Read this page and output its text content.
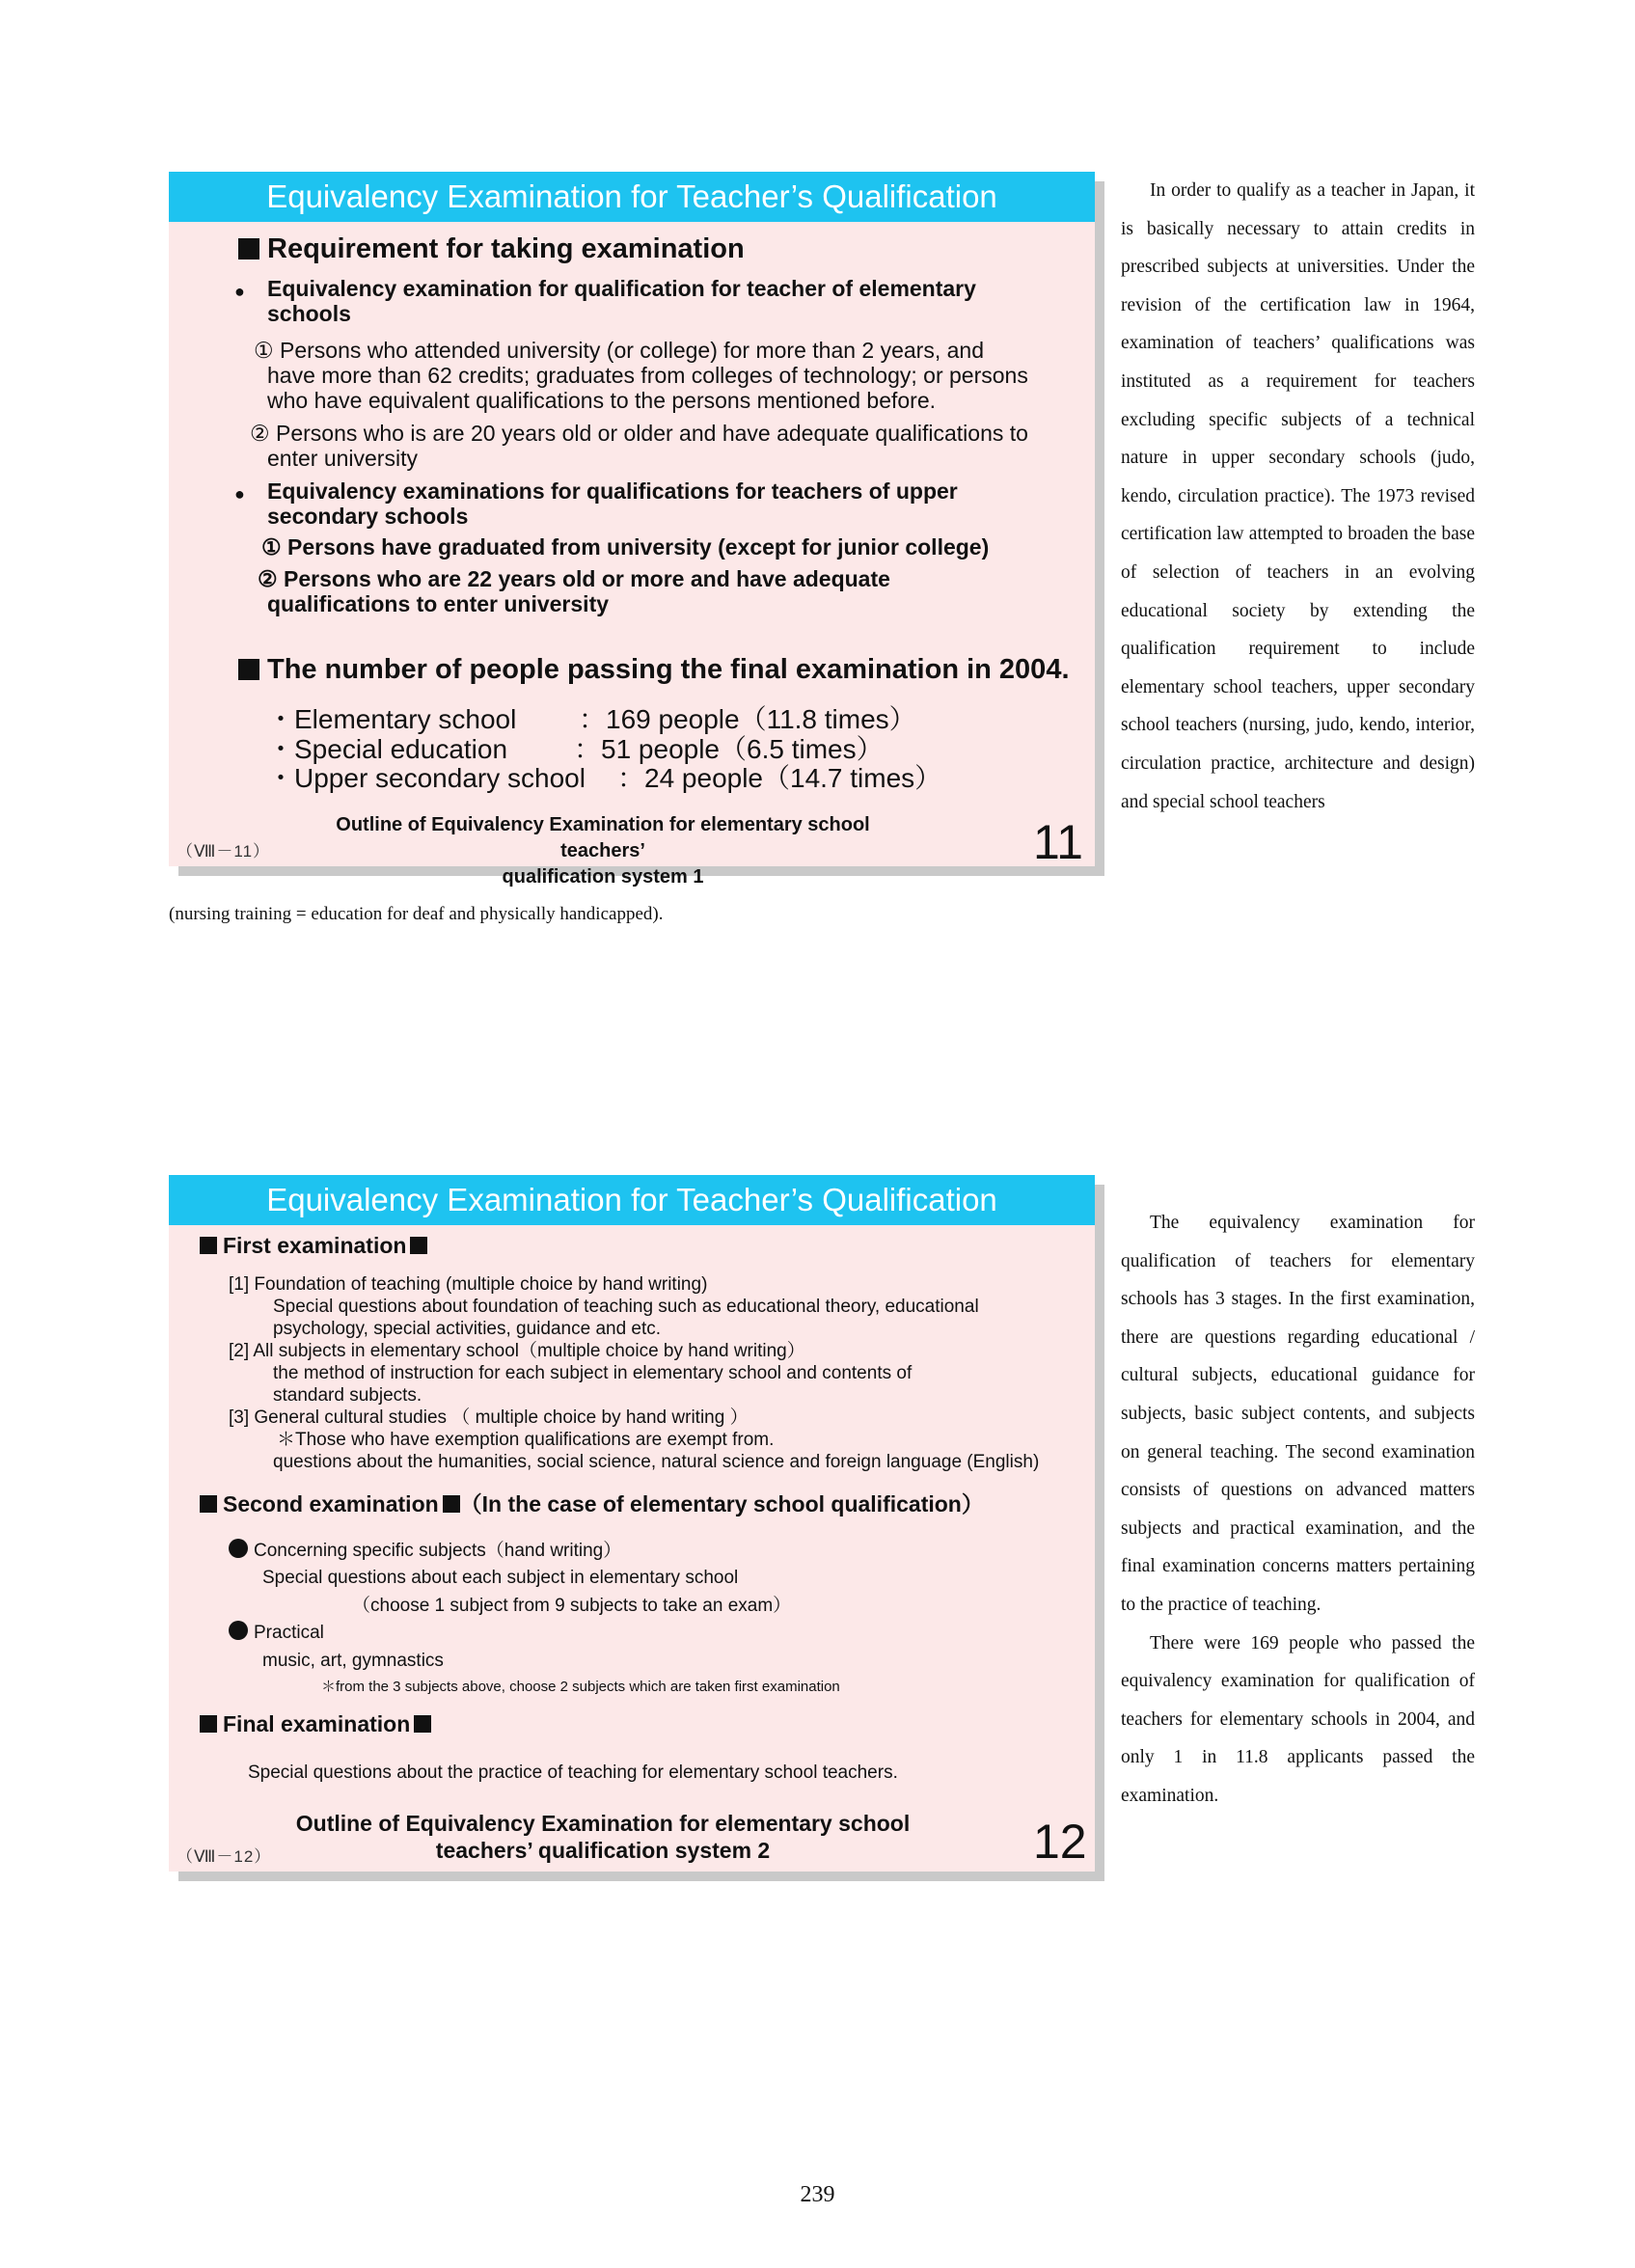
Equivalency Examination for Teacher’s Qualification
Requirement for taking examination
● Equivalency examination for qualification for teacher of elementary
schools
① Persons who attended university (or college) for more than 2 years, and
have more than 62 credits; graduates from colleges of technology; or persons
who have equivalent qualifications to the persons mentioned before.
② Persons who is are 20 years old or older and have adequate qualifications to
enter university
● Equivalency examinations for qualifications for teachers of upper
secondary schools
① Persons have graduated from university (except for junior college)
② Persons who are 22 years old or more and have adequate
qualifications to enter university
The number of people passing the final examination in 2004.
・Elementary school ：169 people（11.8 times）
・Special education ：51 people（6.5 times）
・Upper secondary school ：24 people（14.7 times）
（Ⅷ－11）
Outline of Equivalency Examination for elementary school teachers’
qualification system 1
11

In order to qualify as a teacher in Japan, it is basically necessary to attain credits in prescribed subjects at universities. Under the revision of the certification law in 1964, examination of teachers’ qualifications was instituted as a requirement for teachers excluding specific subjects of a technical nature in upper secondary schools (judo, kendo, circulation practice). The 1973 revised certification law attempted to broaden the base of selection of teachers in an evolving educational society by extending the qualification requirement to include elementary school teachers, upper secondary school teachers (nursing, judo, kendo, interior, circulation practice, architecture and design) and special school teachers

(nursing training = education for deaf and physically handicapped).
Equivalency Examination for Teacher’s Qualification
First examination
[1] Foundation of teaching (multiple choice by hand writing)
Special questions about foundation of teaching such as educational theory, educational
psychology, special activities, guidance and etc.
[2] All subjects in elementary school（multiple choice by hand writing）
the method of instruction for each subject in elementary school and contents of
standard subjects.
[3] General cultural studies （ multiple choice by hand writing ）
＊Those who have exemption qualifications are exempt from.
questions about the humanities, social science, natural science and foreign language (English)
Second examination （In the case of elementary school qualification）
Concerning specific subjects（hand writing）
Special questions about each subject in elementary school
（choose 1 subject from 9 subjects to take an exam）
Practical
music, art, gymnastics
＊from the 3 subjects above, choose 2 subjects which are taken first examination
Final examination
Special questions about the practice of teaching for elementary school teachers.
（Ⅷ－12）
Outline of Equivalency Examination for elementary school
teachers’ qualification system 2	12

The equivalency examination for qualification of teachers for elementary schools has 3 stages. In the first examination, there are questions regarding educational / cultural subjects, educational guidance for subjects, basic subject contents, and subjects on general teaching. The second examination consists of questions on advanced matters subjects and practical examination, and the final examination concerns matters pertaining to the practice of teaching.

There were 169 people who passed the equivalency examination for qualification of teachers for elementary schools in 2004, and only 1 in 11.8 applicants passed the examination.

239
